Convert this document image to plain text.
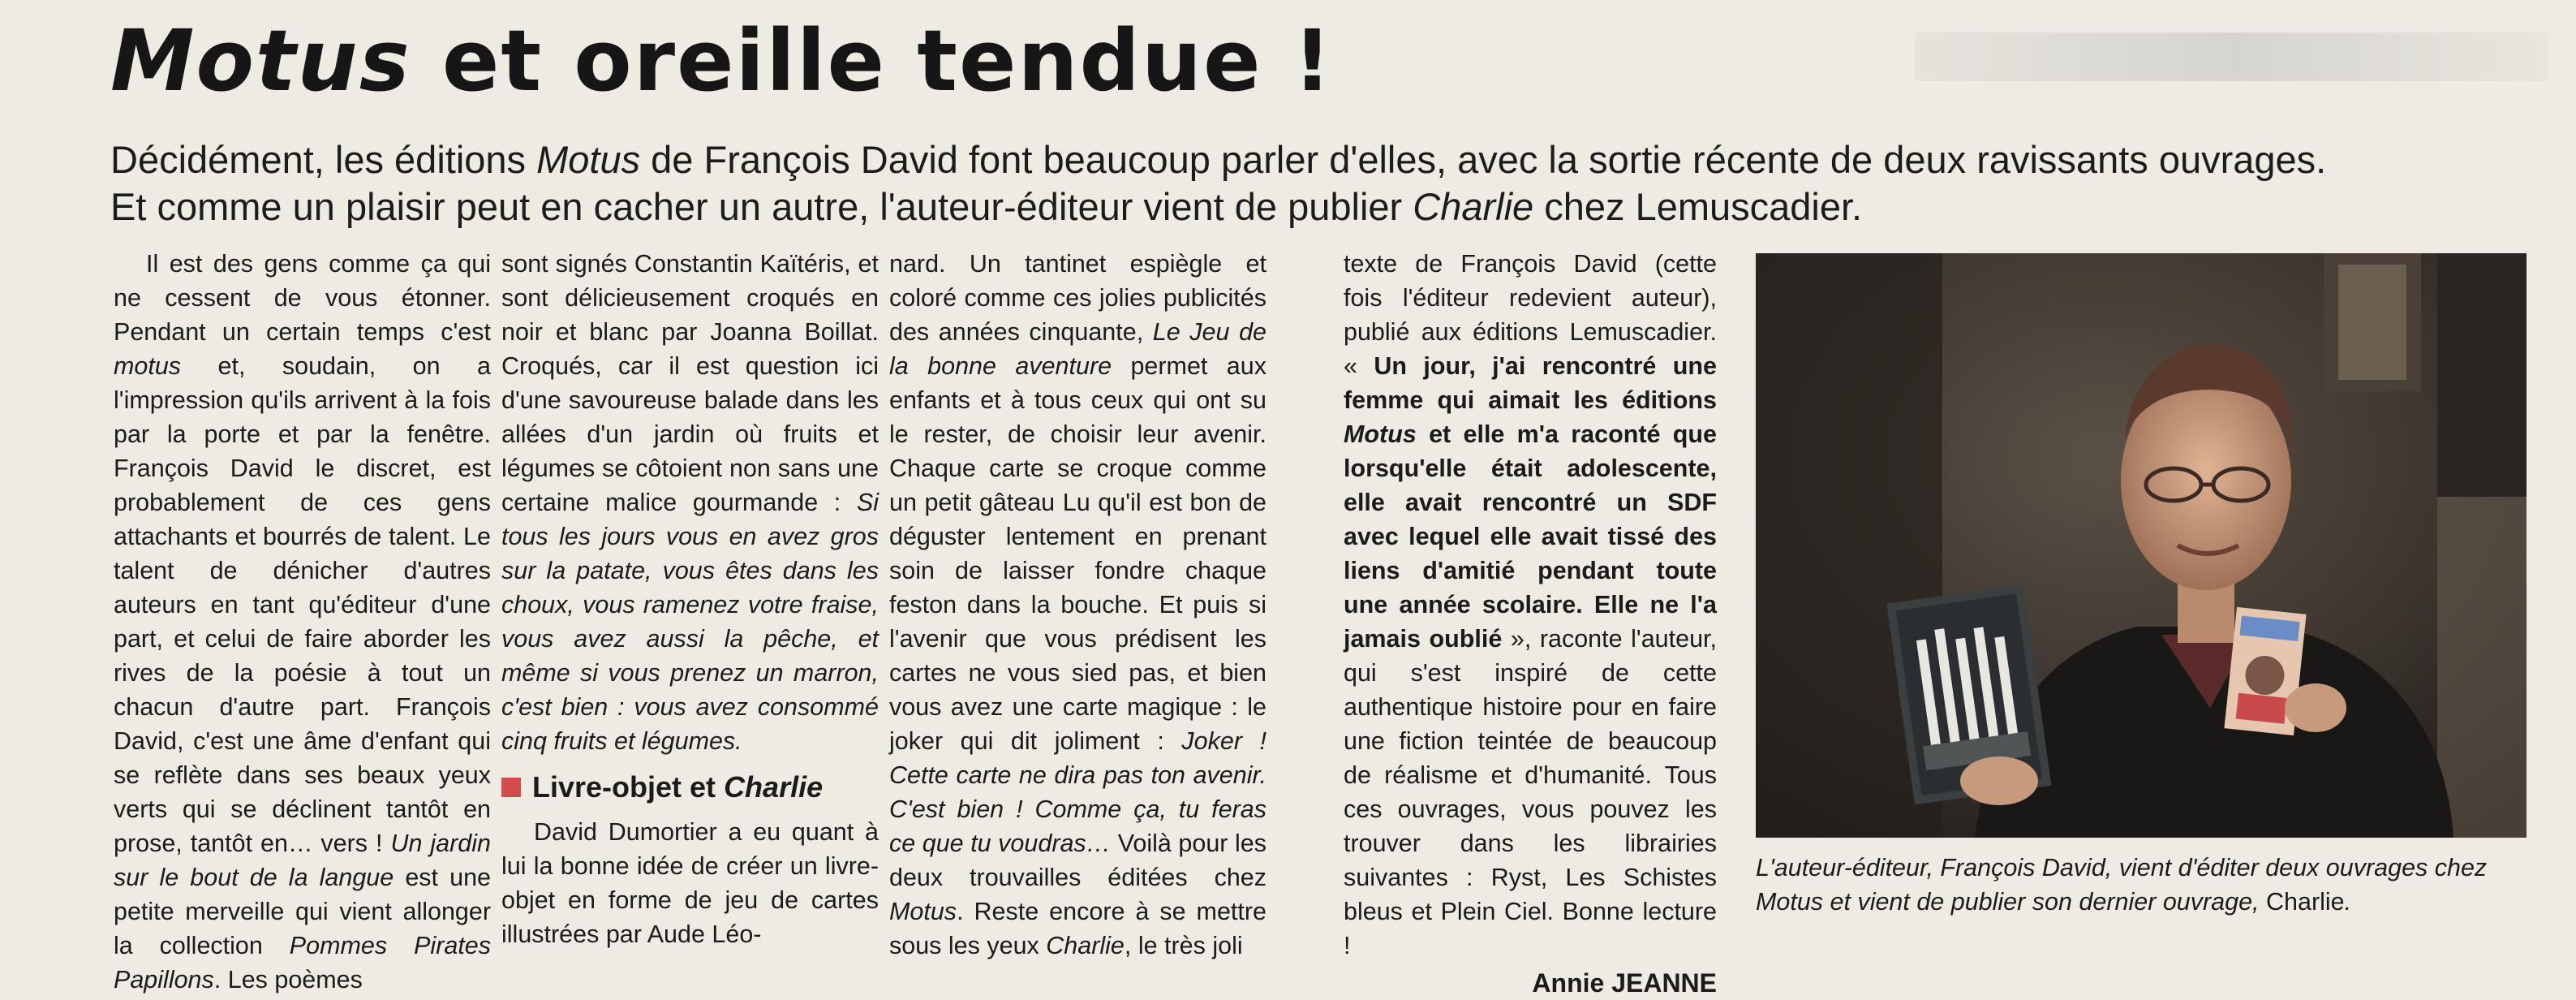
Motus et oreille tendue !

Décidément, les éditions Motus de François David font beaucoup parler d'elles, avec la sortie récente de deux ravissants ouvrages.

Et comme un plaisir peut en cacher un autre, l'auteur-éditeur vient de publier Charlie chez Lemuscadier.

Il est des gens comme ça qui ne cessent de vous étonner. Pendant un certain temps c'est motus et, soudain, on a l'impression qu'ils arrivent à la fois par la porte et par la fenêtre. François David le discret, est probablement de ces gens attachants et bourrés de talent. Le talent de dénicher d'autres auteurs en tant qu'éditeur d'une part, et celui de faire aborder les rives de la poésie à tout un chacun d'autre part. François David, c'est une âme d'enfant qui se reflète dans ses beaux yeux verts qui se déclinent tantôt en prose, tantôt en… vers ! Un jardin sur le bout de la langue est une petite merveille qui vient allonger la collection Pommes Pirates Papillons. Les poèmes

sont signés Constantin Kaïtéris, et sont délicieusement croqués en noir et blanc par Joanna Boillat. Croqués, car il est question ici d'une savoureuse balade dans les allées d'un jardin où fruits et légumes se côtoient non sans une certaine malice gourmande : Si tous les jours vous en avez gros sur la patate, vous êtes dans les choux, vous ramenez votre fraise, vous avez aussi la pêche, et même si vous prenez un marron, c'est bien : vous avez consommé cinq fruits et légumes.

Livre-objet et
Charlie

David Dumortier a eu quant à lui la bonne idée de créer un livre-objet en forme de jeu de cartes illustrées par Aude Léo-

nard. Un tantinet espiègle et coloré comme ces jolies publicités des années cinquante, Le Jeu de la bonne aventure permet aux enfants et à tous ceux qui ont su le rester, de choisir leur avenir. Chaque carte se croque comme un petit gâteau Lu qu'il est bon de déguster lentement en prenant soin de laisser fondre chaque feston dans la bouche. Et puis si l'avenir que vous prédisent les cartes ne vous sied pas, et bien vous avez une carte magique : le joker qui dit joliment : Joker ! Cette carte ne dira pas ton avenir. C'est bien ! Comme ça, tu feras ce que tu voudras… Voilà pour les deux trouvailles éditées chez Motus. Reste encore à se mettre sous les yeux Charlie, le très joli

texte de François David (cette fois l'éditeur redevient auteur), publié aux éditions Lemuscadier. « Un jour, j'ai rencontré une femme qui aimait les éditions Motus et elle m'a raconté que lorsqu'elle était adolescente, elle avait rencontré un SDF avec lequel elle avait tissé des liens d'amitié pendant toute une année scolaire. Elle ne l'a jamais oublié », raconte l'auteur, qui s'est inspiré de cette authentique histoire pour en faire une fiction teintée de beaucoup de réalisme et d'humanité. Tous ces ouvrages, vous pouvez les trouver dans les librairies suivantes : Ryst, Les Schistes bleus et Plein Ciel. Bonne lecture !

Annie JEANNE

L'auteur-éditeur, François David, vient d'éditer deux ouvrages chez

Motus et vient de publier son dernier ouvrage, Charlie.
